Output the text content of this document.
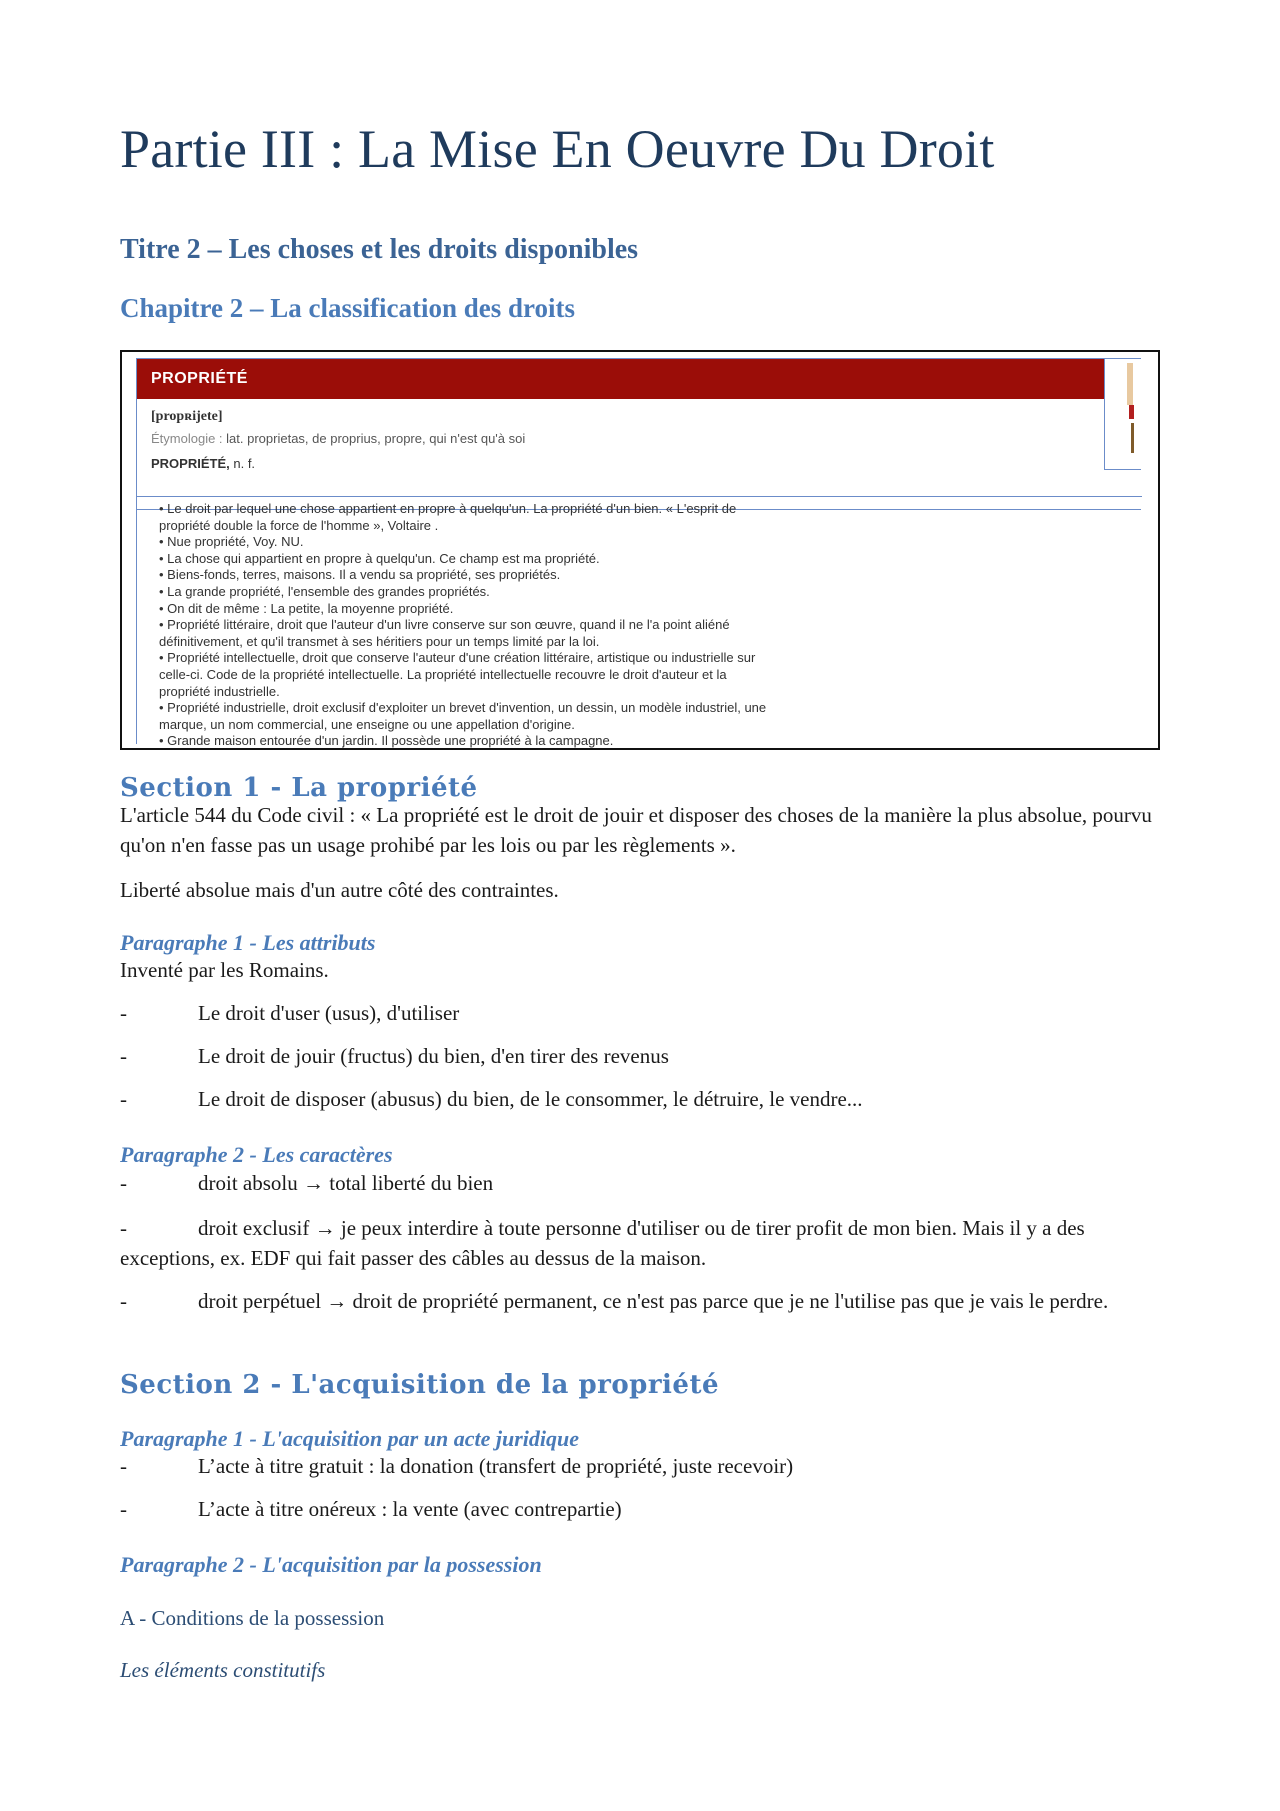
Partie III : La Mise En Oeuvre Du Droit
Titre 2 – Les choses et les droits disponibles
Chapitre 2 – La classification des droits
PROPRIÉTÉ
[propʀijete]
Étymologie : lat. proprietas, de proprius, propre, qui n'est qu'à soi
PROPRIÉTÉ, n. f.
• Le droit par lequel une chose appartient en propre à quelqu'un. La propriété d'un bien. « L'esprit de
propriété double la force de l'homme », Voltaire .
• Nue propriété, Voy. NU.
• La chose qui appartient en propre à quelqu'un. Ce champ est ma propriété.
• Biens-fonds, terres, maisons. Il a vendu sa propriété, ses propriétés.
• La grande propriété, l'ensemble des grandes propriétés.
• On dit de même : La petite, la moyenne propriété.
• Propriété littéraire, droit que l'auteur d'un livre conserve sur son œuvre, quand il ne l'a point aliéné
définitivement, et qu'il transmet à ses héritiers pour un temps limité par la loi.
• Propriété intellectuelle, droit que conserve l'auteur d'une création littéraire, artistique ou industrielle sur
celle-ci. Code de la propriété intellectuelle. La propriété intellectuelle recouvre le droit d'auteur et la
propriété industrielle.
• Propriété industrielle, droit exclusif d'exploiter un brevet d'invention, un dessin, un modèle industriel, une
marque, un nom commercial, une enseigne ou une appellation d'origine.
• Grande maison entourée d'un jardin. Il possède une propriété à la campagne.
Section 1 - La propriété

L'article 544 du Code civil : « La propriété est le droit de jouir et disposer des choses de la manière la plus absolue, pourvu qu'on n'en fasse pas un usage prohibé par les lois ou par les règlements ».

Liberté absolue mais d'un autre côté des contraintes.

Paragraphe 1 - Les attributs

Inventé par les Romains.

-	Le droit d'user (usus), d'utiliser

-	Le droit de jouir (fructus) du bien, d'en tirer des revenus

-	Le droit de disposer (abusus) du bien, de le consommer, le détruire, le vendre...

Paragraphe 2 - Les caractères

-	droit absolu → total liberté du bien

-	droit exclusif → je peux interdire à toute personne d'utiliser ou de tirer profit de mon bien. Mais il y a des exceptions, ex. EDF qui fait passer des câbles au dessus de la maison.

-	droit perpétuel → droit de propriété permanent, ce n'est pas parce que je ne l'utilise pas que je vais le perdre.

Section 2 - L'acquisition de la propriété
Paragraphe 1 - L'acquisition par un acte juridique

-	L’acte à titre gratuit : la donation (transfert de propriété, juste recevoir)

-	L’acte à titre onéreux : la vente (avec contrepartie)

Paragraphe 2 - L'acquisition par la possession

A - Conditions de la possession

Les éléments constitutifs
